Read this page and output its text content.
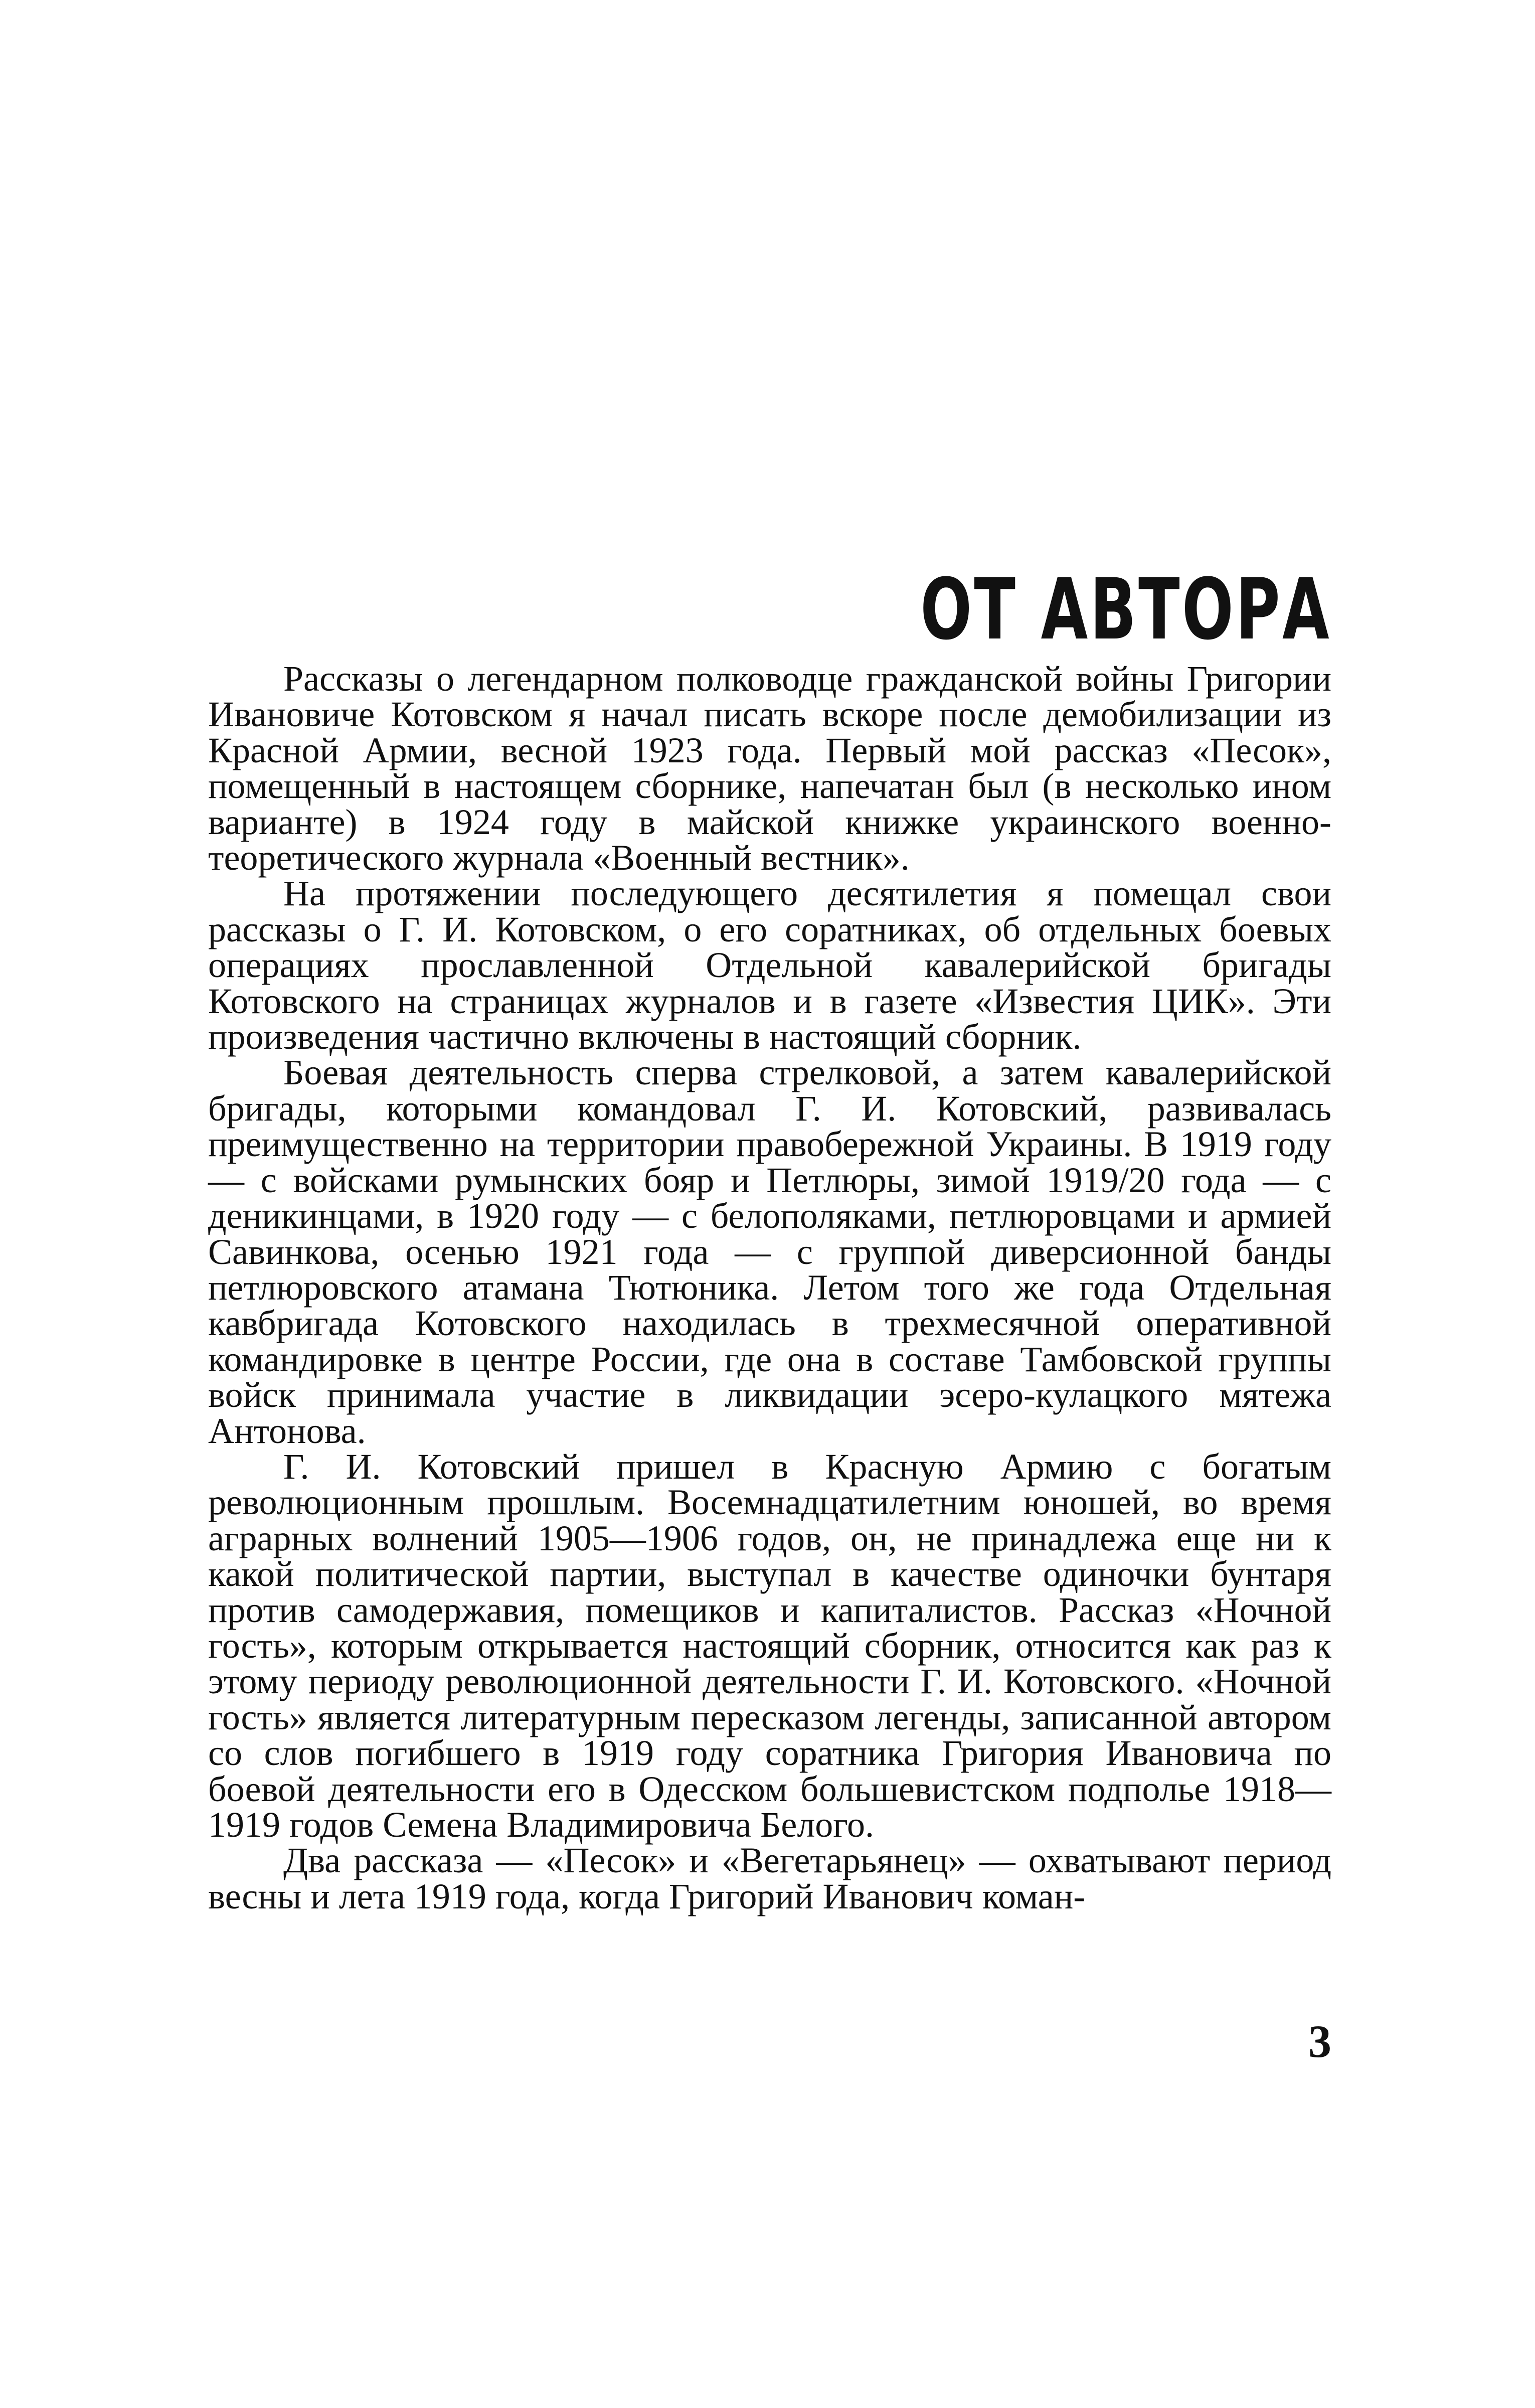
ОТ АВТОРА

Рассказы о легендарном полководце гражданской войны Григории Ивановиче Котовском я начал писать вскоре после демобилизации из Красной Армии, весной 1923 года. Первый мой рассказ «Песок», помещенный в настоящем сборнике, напечатан был (в несколько ином варианте) в 1924 году в майской книжке украинского военно-теоретического журнала «Военный вестник».

На протяжении последующего десятилетия я помещал свои рассказы о Г. И. Котовском, о его соратниках, об отдельных боевых операциях прославленной Отдельной кавалерийской бригады Котовского на страницах журналов и в газете «Известия ЦИК». Эти произведения частично включены в настоящий сборник.

Боевая деятельность сперва стрелковой, а затем кавалерийской бригады, которыми командовал Г. И. Котовский, развивалась преимущественно на территории правобережной Украины. В 1919 году — с войсками румынских бояр и Петлюры, зимой 1919/20 года — с деникинцами, в 1920 году — с белополяками, петлюровцами и армией Савинкова, осенью 1921 года — с группой диверсионной банды петлюровского атамана Тютюника. Летом того же года Отдельная кавбригада Котовского находилась в трехмесячной оперативной командировке в центре России, где она в составе Тамбовской группы войск принимала участие в ликвидации эсеро-кулацкого мятежа Антонова.

Г. И. Котовский пришел в Красную Армию с богатым революционным прошлым. Восемнадцатилетним юношей, во время аграрных волнений 1905—1906 годов, он, не принадлежа еще ни к какой политической партии, выступал в качестве одиночки бунтаря против самодержавия, помещиков и капиталистов. Рассказ «Ночной гость», которым открывается настоящий сборник, относится как раз к этому периоду революционной деятельности Г. И. Котовского. «Ночной гость» является литературным пересказом легенды, записанной автором со слов погибшего в 1919 году соратника Григория Ивановича по боевой деятельности его в Одесском большевистском подполье 1918—1919 годов Семена Владимировича Белого.

Два рассказа — «Песок» и «Вегетарьянец» — охватывают период весны и лета 1919 года, когда Григорий Иванович коман-

3
